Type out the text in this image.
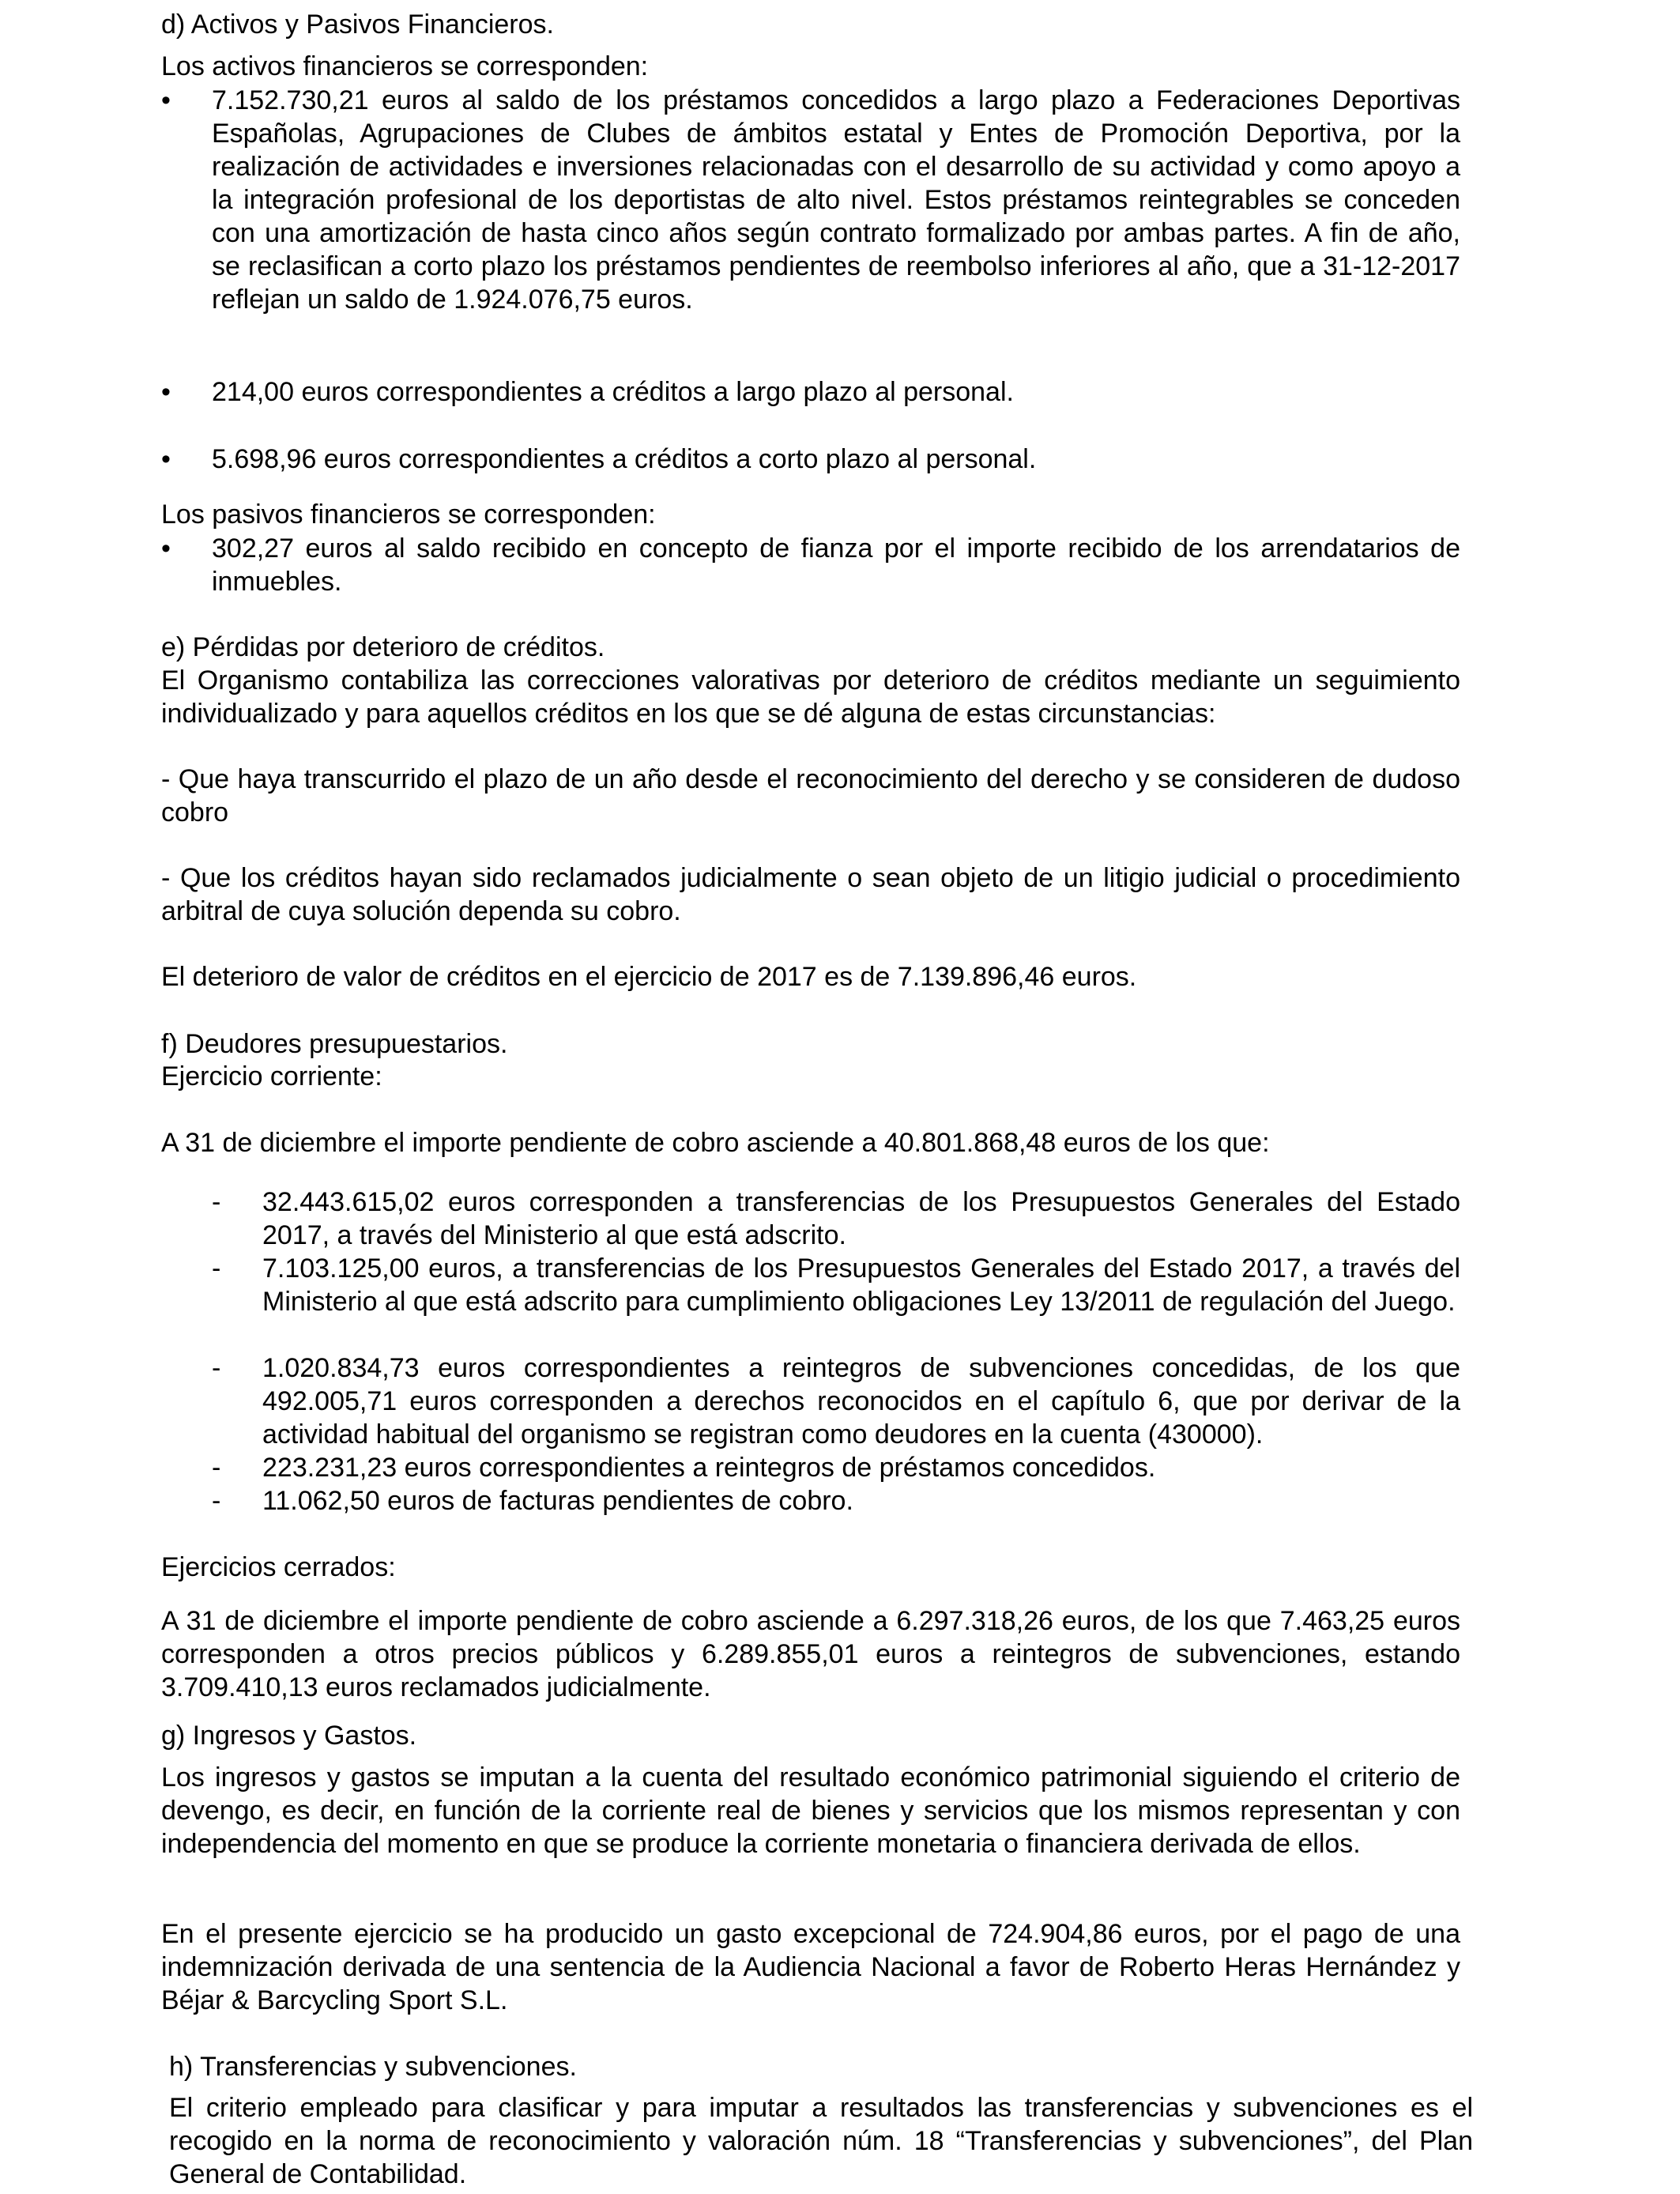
d) Activos y Pasivos Financieros.

Los activos financieros se corresponden:

•	7.152.730,21 euros al saldo de los préstamos concedidos a largo plazo a Federaciones Deportivas Españolas, Agrupaciones de Clubes de ámbitos estatal y Entes de Promoción Deportiva, por la realización de actividades e inversiones relacionadas con el desarrollo de su actividad y como apoyo a la integración profesional de los deportistas de alto nivel. Estos préstamos reintegrables se conceden con una amortización de hasta cinco años según contrato formalizado por ambas partes. A fin de año, se reclasifican a corto plazo los préstamos pendientes de reembolso inferiores al año, que a 31-12-2017 reflejan un saldo de 1.924.076,75 euros.
•	214,00 euros correspondientes a créditos a largo plazo al personal.
•	5.698,96 euros correspondientes a créditos a corto plazo al personal.

Los pasivos financieros se corresponden:

•	302,27 euros al saldo recibido en concepto de fianza por el importe recibido de los arrendatarios de inmuebles.

e) Pérdidas por deterioro de créditos.

El Organismo contabiliza las correcciones valorativas por deterioro de créditos mediante un seguimiento individualizado y para aquellos créditos en los que se dé alguna de estas circunstancias:

- Que haya transcurrido el plazo de un año desde el reconocimiento del derecho y se consideren de dudoso cobro

- Que los créditos hayan sido reclamados judicialmente o sean objeto de un litigio judicial o procedimiento arbitral de cuya solución dependa su cobro.

El deterioro de valor de créditos en el ejercicio de 2017 es de 7.139.896,46 euros.

f) Deudores presupuestarios.

Ejercicio corriente:

A 31 de diciembre el importe pendiente de cobro asciende a 40.801.868,48 euros de los que:

-	32.443.615,02 euros corresponden a transferencias de los Presupuestos Generales del Estado 2017, a través del Ministerio al que está adscrito.
-	7.103.125,00 euros, a transferencias de los Presupuestos Generales del Estado 2017, a través del Ministerio al que está adscrito para cumplimiento obligaciones Ley 13/2011 de regulación del Juego.
-	1.020.834,73 euros correspondientes a reintegros de subvenciones concedidas, de los que 492.005,71 euros corresponden a derechos reconocidos en el capítulo 6, que por derivar de la actividad habitual del organismo se registran como deudores en la cuenta (430000).
-	223.231,23 euros correspondientes a reintegros de préstamos concedidos.
-	11.062,50 euros de facturas pendientes de cobro.

Ejercicios cerrados:

A 31 de diciembre el importe pendiente de cobro asciende a 6.297.318,26 euros, de los que 7.463,25 euros corresponden a otros precios públicos y 6.289.855,01 euros a reintegros de subvenciones, estando 3.709.410,13 euros reclamados judicialmente.

g) Ingresos y Gastos.

Los ingresos y gastos se imputan a la cuenta del resultado económico patrimonial siguiendo el criterio de devengo, es decir, en función de la corriente real de bienes y servicios que los mismos representan y con independencia del momento en que se produce la corriente monetaria o financiera derivada de ellos.

En el presente ejercicio se ha producido un gasto excepcional de 724.904,86 euros, por el pago de una indemnización derivada de una sentencia de la Audiencia Nacional a favor de Roberto Heras Hernández y Béjar & Barcycling Sport S.L.

h) Transferencias y subvenciones.

El criterio empleado para clasificar y para imputar a resultados las transferencias y subvenciones es el recogido en la norma de reconocimiento y valoración núm. 18 “Transferencias y subvenciones”, del Plan General de Contabilidad.
